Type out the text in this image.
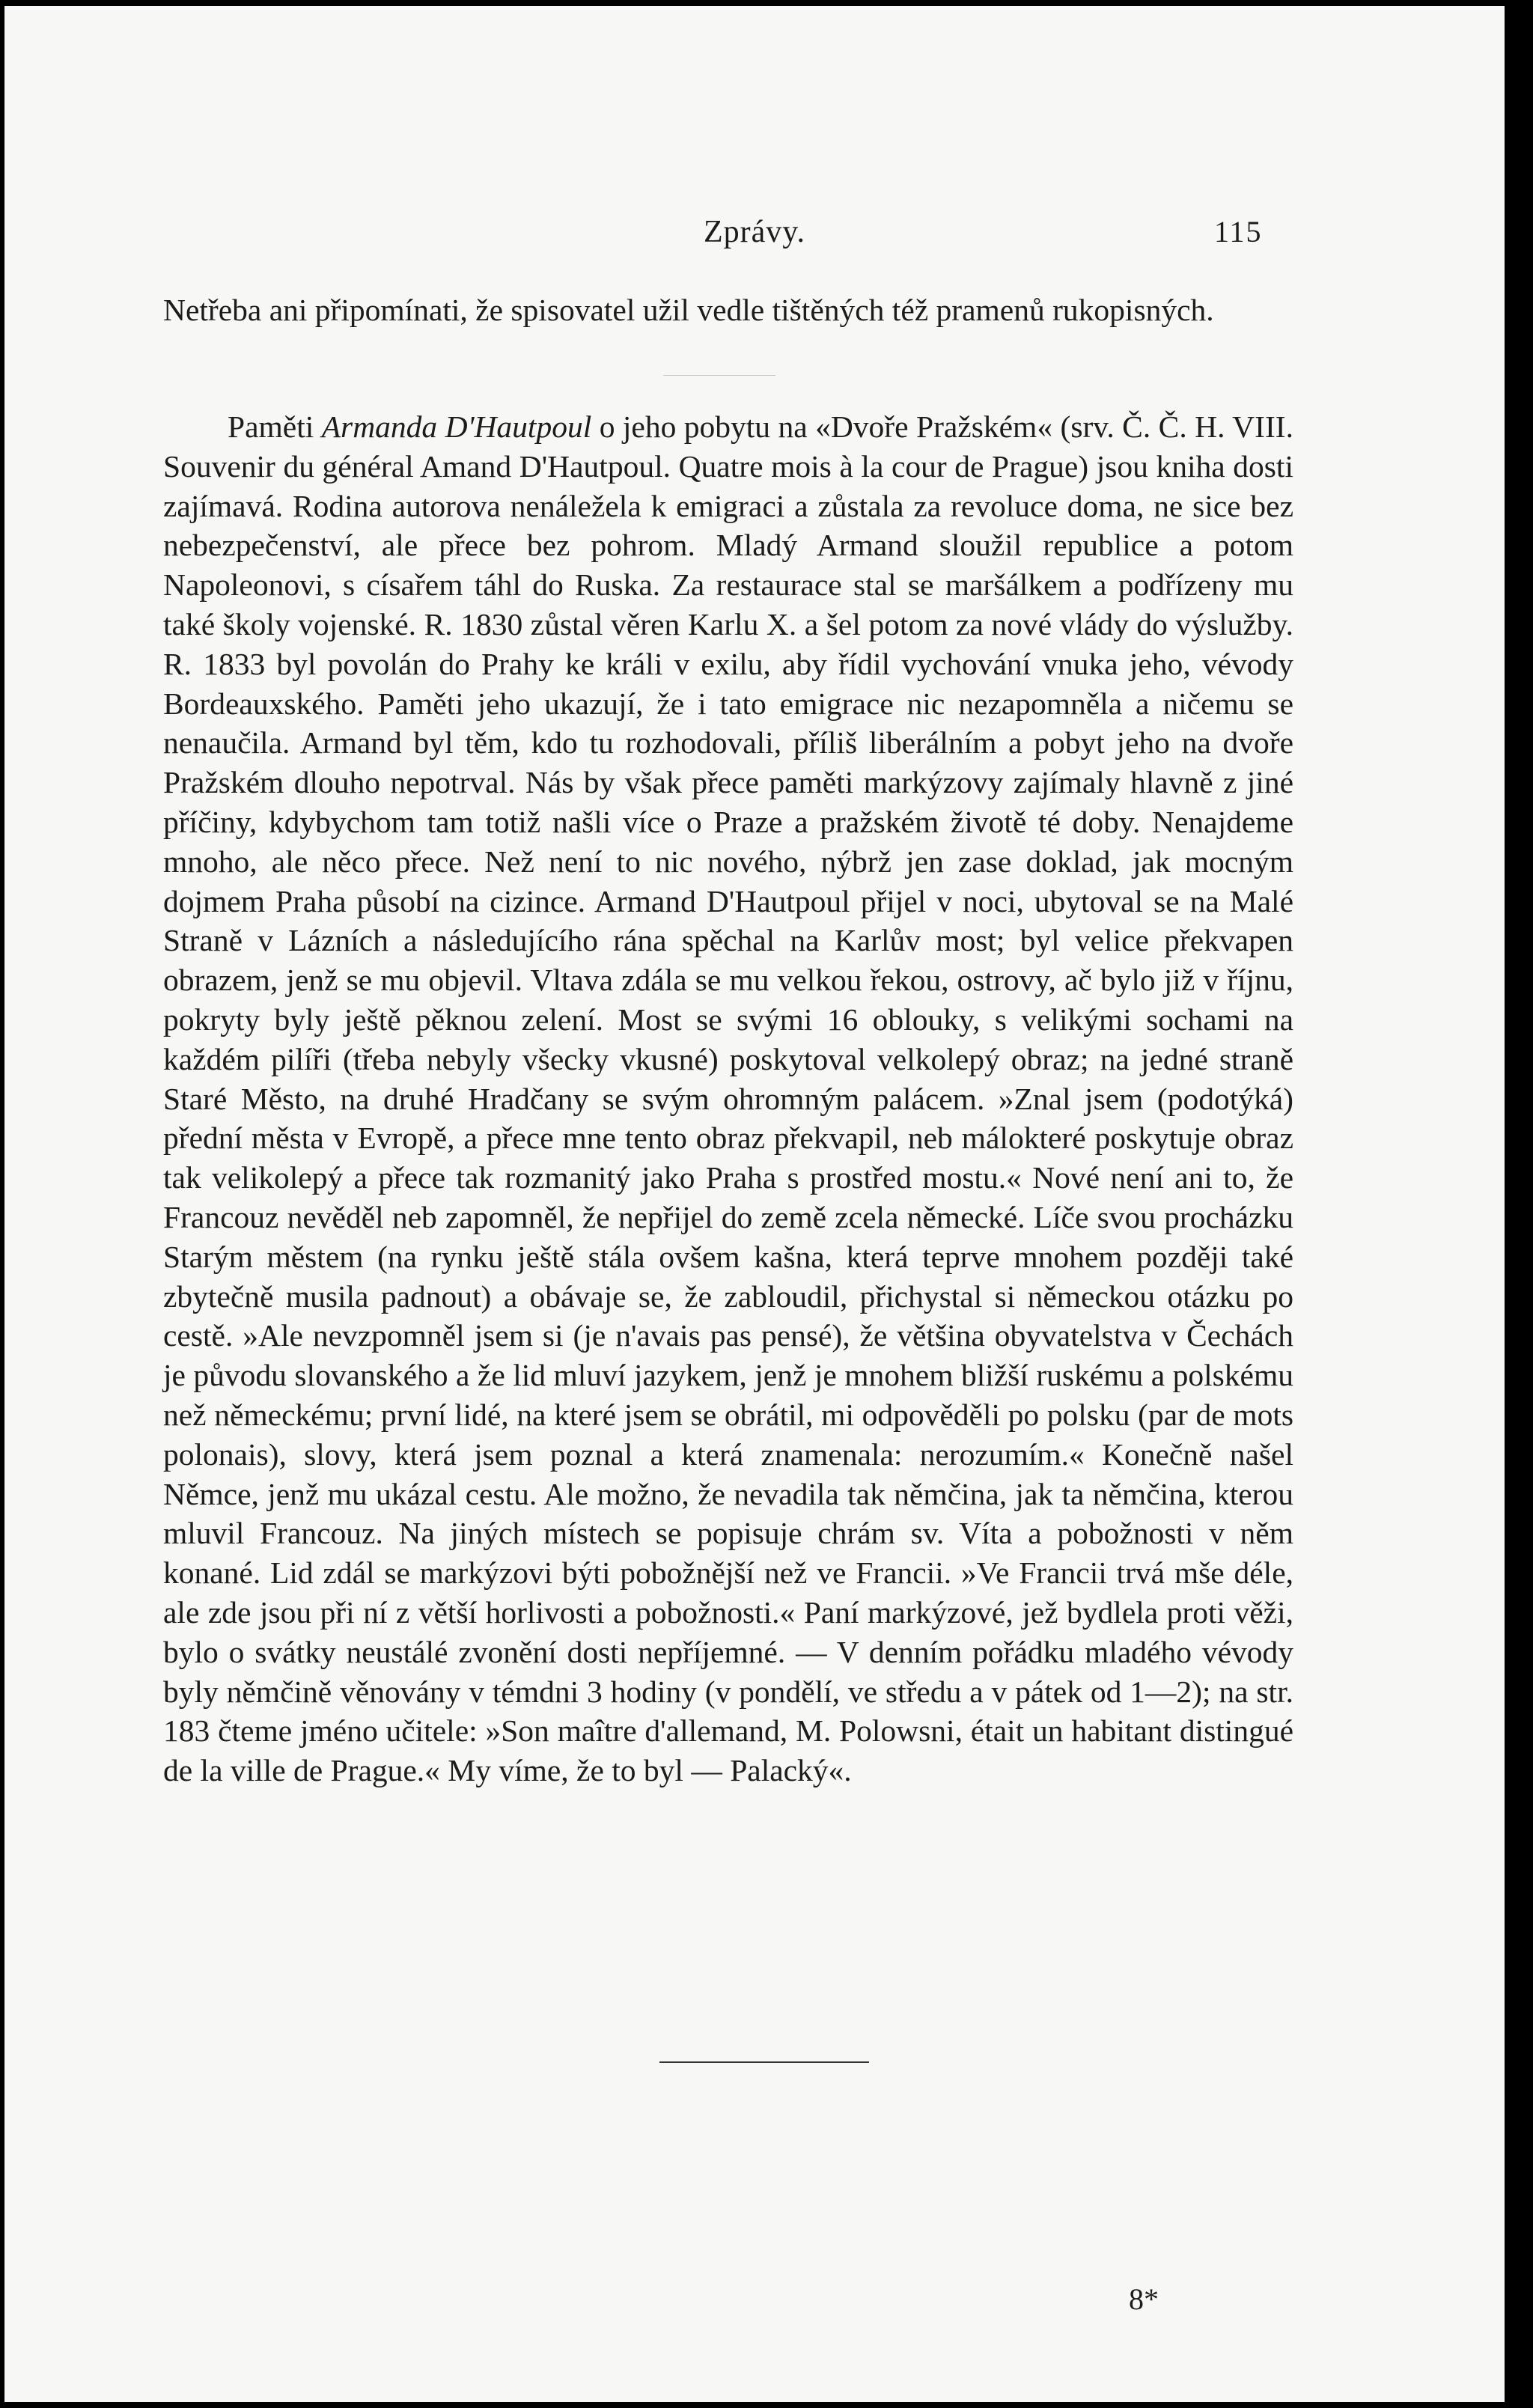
Zprávy.	115

Netřeba ani připomínati, že spisovatel užil vedle tištěných též pramenů rukopisných.

Paměti Armanda D'Hautpoul o jeho pobytu na «Dvoře Pražském« (srv. Č. Č. H. VIII. Souvenir du général Amand D'Hautpoul. Quatre mois à la cour de Prague) jsou kniha dosti zajímavá. Rodina autorova nenáležela k emigraci a zůstala za revoluce doma, ne sice bez nebezpečenství, ale přece bez pohrom. Mladý Armand sloužil republice a potom Napoleonovi, s císařem táhl do Ruska. Za restaurace stal se maršálkem a podřízeny mu také školy vojenské. R. 1830 zůstal věren Karlu X. a šel potom za nové vlády do výslužby. R. 1833 byl povolán do Prahy ke králi v exilu, aby řídil vychování vnuka jeho, vévody Bordeauxského. Paměti jeho ukazují, že i tato emigrace nic nezapomněla a ničemu se nenaučila. Armand byl těm, kdo tu rozhodovali, příliš liberálním a pobyt jeho na dvoře Pražském dlouho nepotrval. Nás by však přece paměti markýzovy zajímaly hlavně z jiné příčiny, kdybychom tam totiž našli více o Praze a pražském životě té doby. Nenajdeme mnoho, ale něco přece. Než není to nic nového, nýbrž jen zase doklad, jak mocným dojmem Praha působí na cizince. Armand D'Hautpoul přijel v noci, ubytoval se na Malé Straně v Lázních a následujícího rána spěchal na Karlův most; byl velice překvapen obrazem, jenž se mu objevil. Vltava zdála se mu velkou řekou, ostrovy, ač bylo již v říjnu, pokryty byly ještě pěknou zelení. Most se svými 16 oblouky, s velikými sochami na každém pilíři (třeba nebyly všecky vkusné) poskytoval velkolepý obraz; na jedné straně Staré Město, na druhé Hradčany se svým ohromným palácem. »Znal jsem (podotýká) přední města v Evropě, a přece mne tento obraz překvapil, neb málokteré poskytuje obraz tak velikolepý a přece tak rozmanitý jako Praha s prostřed mostu.« Nové není ani to, že Francouz nevěděl neb zapomněl, že nepřijel do země zcela německé. Líče svou procházku Starým městem (na rynku ještě stála ovšem kašna, která teprve mnohem později také zbytečně musila padnout) a obávaje se, že zabloudil, přichystal si německou otázku po cestě. »Ale nevzpomněl jsem si (je n'avais pas pensé), že většina obyvatelstva v Čechách je původu slovanského a že lid mluví jazykem, jenž je mnohem bližší ruskému a polskému než německému; první lidé, na které jsem se obrátil, mi odpověděli po polsku (par de mots polonais), slovy, která jsem poznal a která znamenala: nerozumím.« Konečně našel Němce, jenž mu ukázal cestu. Ale možno, že nevadila tak němčina, jak ta němčina, kterou mluvil Francouz. Na jiných místech se popisuje chrám sv. Víta a pobožnosti v něm konané. Lid zdál se markýzovi býti pobožnější než ve Francii. »Ve Francii trvá mše déle, ale zde jsou při ní z větší horlivosti a pobožnosti.« Paní markýzové, jež bydlela proti věži, bylo o svátky neustálé zvonění dosti nepříjemné. — V denním pořádku mladého vévody byly němčině věnovány v témdni 3 hodiny (v pondělí, ve středu a v pátek od 1—2); na str. 183 čteme jméno učitele: »Son maître d'allemand, M. Polowsni, était un habitant distingué de la ville de Prague.« My víme, že to byl — Palacký«.

8*
